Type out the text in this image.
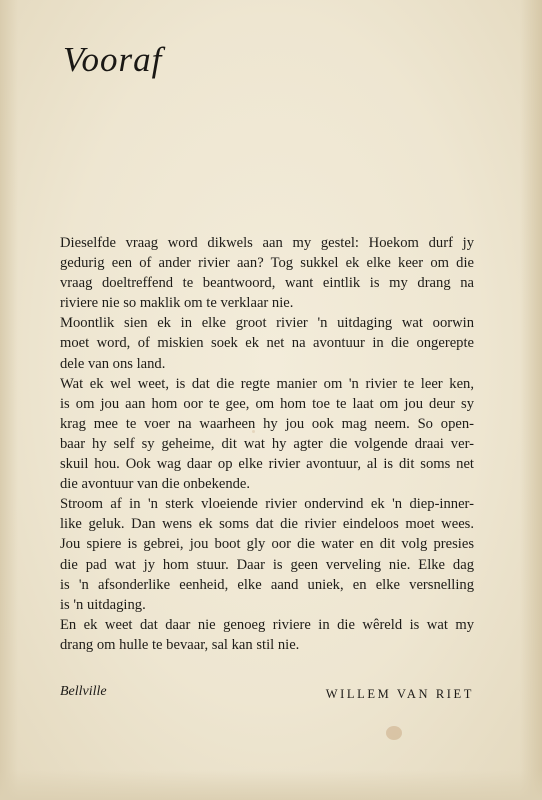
Vooraf
Dieselfde vraag word dikwels aan my gestel: Hoekom durf jy
gedurig een of ander rivier aan? Tog sukkel ek elke keer om die
vraag doeltreffend te beantwoord, want eintlik is my drang na
riviere nie so maklik om te verklaar nie.
Moontlik sien ek in elke groot rivier 'n uitdaging wat oorwin
moet word, of miskien soek ek net na avontuur in die ongerepte
dele van ons land.
Wat ek wel weet, is dat die regte manier om 'n rivier te leer ken,
is om jou aan hom oor te gee, om hom toe te laat om jou deur sy
krag mee te voer na waarheen hy jou ook mag neem. So open-
baar hy self sy geheime, dit wat hy agter die volgende draai ver-
skuil hou. Ook wag daar op elke rivier avontuur, al is dit soms net
die avontuur van die onbekende.
Stroom af in 'n sterk vloeiende rivier ondervind ek 'n diep-inner-
like geluk. Dan wens ek soms dat die rivier eindeloos moet wees.
Jou spiere is gebrei, jou boot gly oor die water en dit volg presies
die pad wat jy hom stuur. Daar is geen verveling nie. Elke dag
is 'n afsonderlike eenheid, elke aand uniek, en elke versnelling
is 'n uitdaging.
En ek weet dat daar nie genoeg riviere in die wêreld is wat my
drang om hulle te bevaar, sal kan stil nie.
Bellville	WILLEM VAN RIET
